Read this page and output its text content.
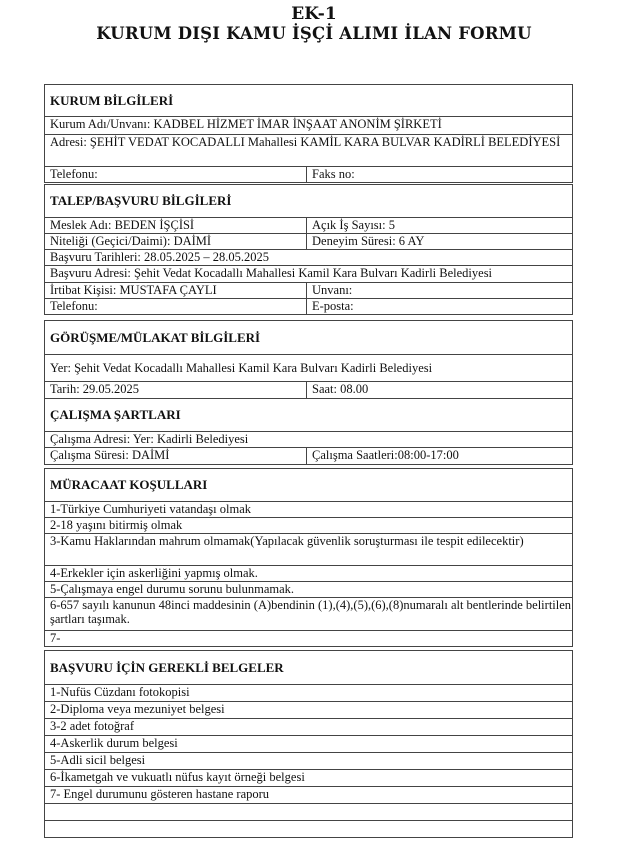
EK-1
KURUM DIŞI KAMU İŞÇİ ALIMI İLAN FORMU
KURUM BİLGİLERİ
Kurum Adı/Unvanı: KADBEL HİZMET İMAR İNŞAAT ANONİM ŞİRKETİ
Adresi: ŞEHİT VEDAT KOCADALLI Mahallesi KAMİL KARA BULVAR KADİRLİ BELEDİYESİ
Telefonu:	Faks no:
TALEP/BAŞVURU BİLGİLERİ
Meslek Adı: BEDEN İŞÇİSİ	Açık İş Sayısı: 5
Niteliği (Geçici/Daimi): DAİMİ	Deneyim Süresi: 6 AY
Başvuru Tarihleri: 28.05.2025 – 28.05.2025
Başvuru Adresi: Şehit Vedat Kocadallı Mahallesi Kamil Kara Bulvarı Kadirli Belediyesi
İrtibat Kişisi: MUSTAFA ÇAYLI	Unvanı:
Telefonu:	E-posta:
GÖRÜŞME/MÜLAKAT BİLGİLERİ
Yer: Şehit Vedat Kocadallı Mahallesi Kamil Kara Bulvarı Kadirli Belediyesi
Tarih: 29.05.2025	Saat: 08.00
ÇALIŞMA ŞARTLARI
Çalışma Adresi: Yer: Kadirli Belediyesi
Çalışma Süresi: DAİMİ	Çalışma Saatleri:08:00-17:00
MÜRACAAT KOŞULLARI
1-Türkiye Cumhuriyeti vatandaşı olmak
2-18 yaşını bitirmiş olmak
3-Kamu Haklarından mahrum olmamak(Yapılacak güvenlik soruşturması ile tespit edilecektir)
4-Erkekler için askerliğini yapmış olmak.
5-Çalışmaya engel durumu sorunu bulunmamak.
6-657 sayılı kanunun 48inci maddesinin (A)bendinin (1),(4),(5),(6),(8)numaralı alt bentlerinde belirtilen şartları taşımak.
7-
BAŞVURU İÇİN GEREKLİ BELGELER
1-Nufüs Cüzdanı fotokopisi
2-Diploma veya mezuniyet belgesi
3-2 adet fotoğraf
4-Askerlik durum belgesi
5-Adli sicil belgesi
6-İkametgah ve vukuatlı nüfus kayıt örneği belgesi
7- Engel durumunu gösteren hastane raporu
